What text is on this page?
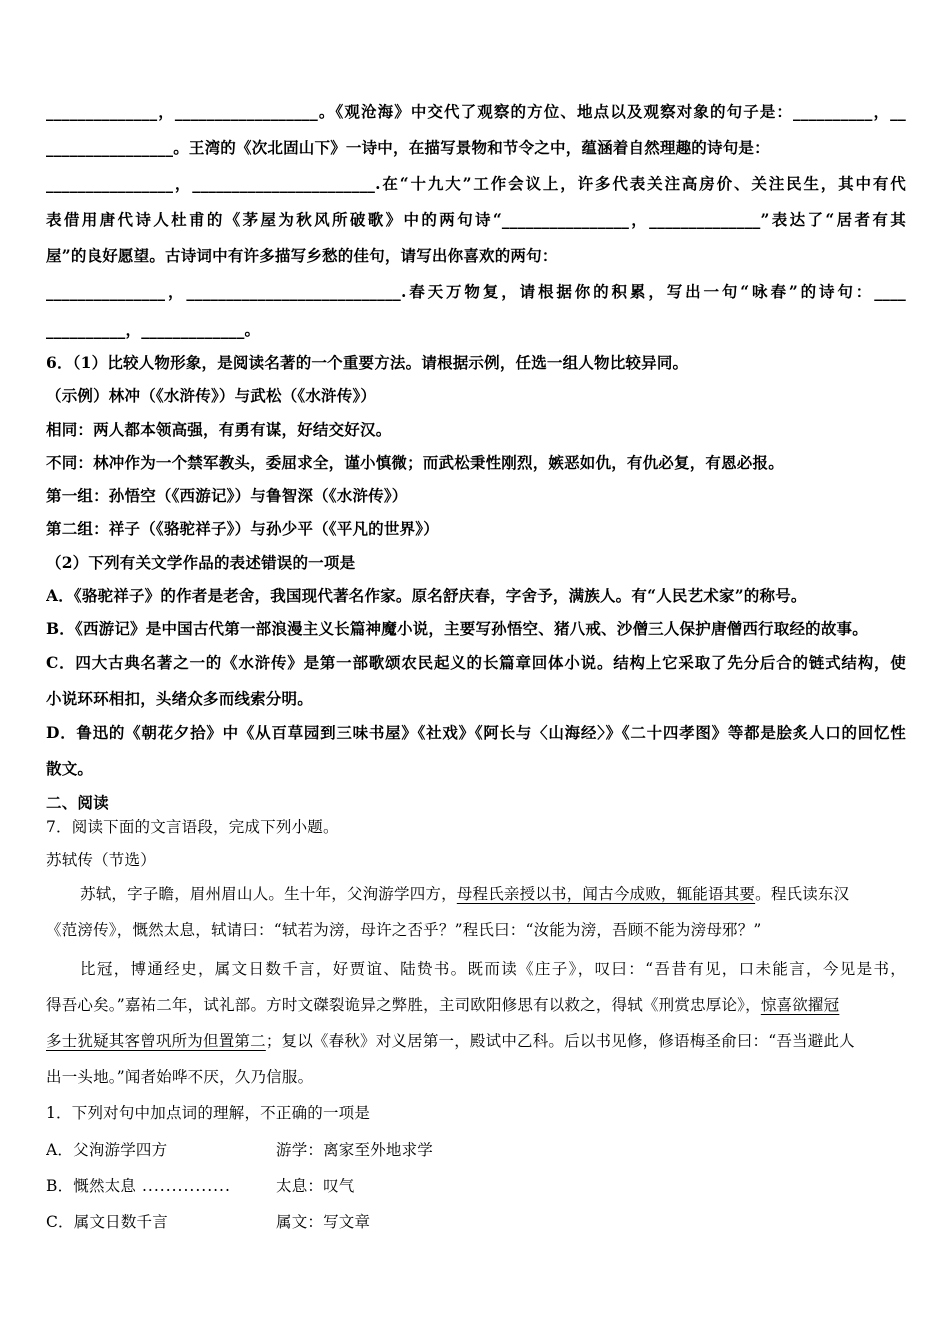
______________，__________________。《观沧海》中交代了观察的方位、地点以及观察对象的句子是：__________，__
________________。王湾的《次北固山下》一诗中，在描写景物和节令之中，蕴涵着自然理趣的诗句是：
________________，_______________________.在“十九大”工作会议上，许多代表关注高房价、关注民生，其中有代
表借用唐代诗人杜甫的《茅屋为秋风所破歌》中的两句诗“________________，______________”表达了“居者有其
屋”的良好愿望。古诗词中有许多描写乡愁的佳句，请写出你喜欢的两句：
_______________，___________________________.春天万物复，请根据你的积累，写出一句“咏春”的诗句：____
__________，_____________。
6．（1）比较人物形象，是阅读名著的一个重要方法。请根据示例，任选一组人物比较异同。
（示例）林冲（《水浒传》）与武松（《水浒传》）
相同：两人都本领高强，有勇有谋，好结交好汉。
不同：林冲作为一个禁军教头，委屈求全，谨小慎微；而武松秉性刚烈，嫉恶如仇，有仇必复，有恩必报。
第一组：孙悟空（《西游记》）与鲁智深（《水浒传》）
第二组：祥子（《骆驼祥子》）与孙少平（《平凡的世界》）
（2）下列有关文学作品的表述错误的一项是
A．《骆驼祥子》的作者是老舍，我国现代著名作家。原名舒庆春，字舍予，满族人。有“人民艺术家”的称号。
B．《西游记》是中国古代第一部浪漫主义长篇神魔小说，主要写孙悟空、猪八戒、沙僧三人保护唐僧西行取经的故事。
C．四大古典名著之一的《水浒传》是第一部歌颂农民起义的长篇章回体小说。结构上它采取了先分后合的链式结构，使
小说环环相扣，头绪众多而线索分明。
D．鲁迅的《朝花夕拾》中《从百草园到三味书屋》《社戏》《阿长与〈山海经〉》《二十四孝图》等都是脍炙人口的回忆性
散文。
二、阅读
7．阅读下面的文言语段，完成下列小题。
苏轼传（节选）
苏轼，字子瞻，眉州眉山人。生十年，父洵游学四方，母程氏亲授以书，闻古今成败，辄能语其要。程氏读东汉
《范滂传》，慨然太息，轼请曰：“轼若为滂，母许之否乎？”程氏曰：“汝能为滂，吾顾不能为滂母邪？”
比冠，博通经史，属文日数千言，好贾谊、陆贽书。既而读《庄子》，叹曰：“吾昔有见，口未能言，今见是书，
得吾心矣。”嘉祐二年，试礼部。方时文磔裂诡异之弊胜，主司欧阳修思有以救之，得轼《刑赏忠厚论》，惊喜欲擢冠
多士犹疑其客曾巩所为但置第二；复以《春秋》对义居第一，殿试中乙科。后以书见修，修语梅圣俞曰：“吾当避此人
出一头地。”闻者始哗不厌，久乃信服。
1．下列对句中加点词的理解，不正确的一项是
A．父洵游学四方	游学：离家至外地求学
B．慨然太息 ...............	太息：叹气
C．属文日数千言	属文：写文章
